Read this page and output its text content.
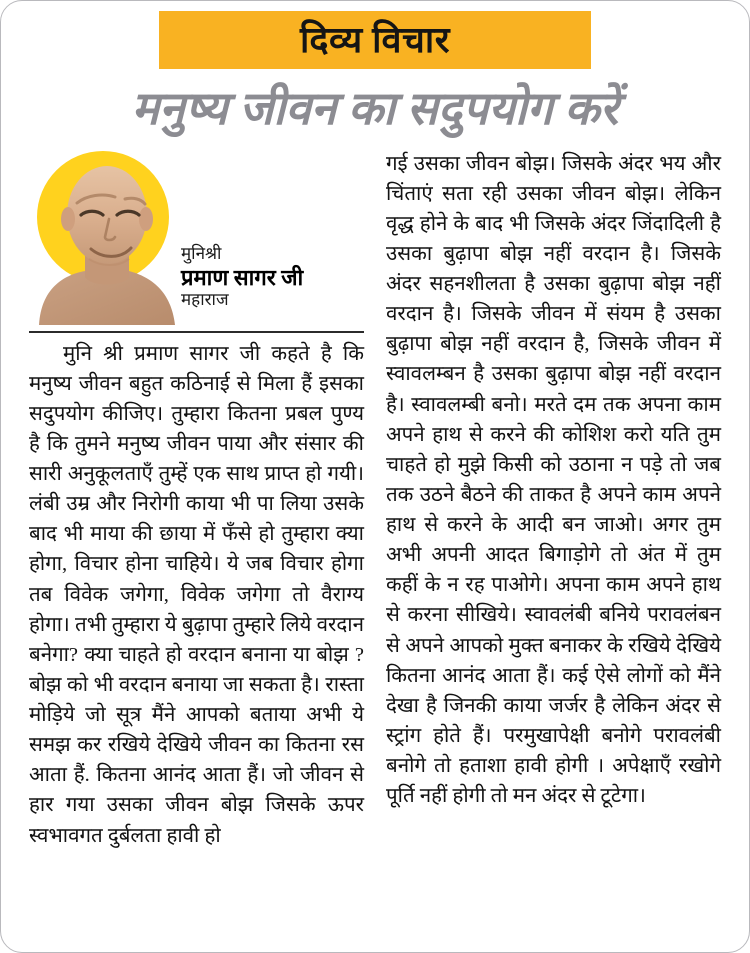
दिव्य विचार
मनुष्य जीवन का सदुपयोग करें
मुनिश्री
प्रमाण सागर जी
महाराज

मुनि श्री प्रमाण सागर जी कहते है कि मनुष्य जीवन बहुत कठिनाई से मिला हैं इसका सदुपयोग कीजिए। तुम्हारा कितना प्रबल पुण्य है कि तुमने मनुष्य जीवन पाया और संसार की सारी अनुकूलताएँ तुम्हें एक साथ प्राप्त हो गयी। लंबी उम्र और निरोगी काया भी पा लिया उसके बाद भी माया की छाया में फँसे हो तुम्हारा क्या होगा, विचार होना चाहिये। ये जब विचार होगा तब विवेक जगेगा, विवेक जगेगा तो वैराग्य होगा। तभी तुम्हारा ये बुढ़ापा तुम्हारे लिये वरदान बनेगा? क्या चाहते हो वरदान बनाना या बोझ ? बोझ को भी वरदान बनाया जा सकता है। रास्ता मोड़िये जो सूत्र मैंने आपको बताया अभी ये समझ कर रखिये देखिये जीवन का कितना रस आता हैं. कितना आनंद आता हैं। जो जीवन से हार गया उसका जीवन बोझ जिसके ऊपर स्वभावगत दुर्बलता हावी हो

गई उसका जीवन बोझ। जिसके अंदर भय और चिंताएं सता रही उसका जीवन बोझ। लेकिन वृद्ध होने के बाद भी जिसके अंदर जिंदादिली है उसका बुढ़ापा बोझ नहीं वरदान है। जिसके अंदर सहनशीलता है उसका बुढ़ापा बोझ नहीं वरदान है। जिसके जीवन में संयम है उसका बुढ़ापा बोझ नहीं वरदान है, जिसके जीवन में स्वावलम्बन है उसका बुढ़ापा बोझ नहीं वरदान है। स्वावलम्बी बनो। मरते दम तक अपना काम अपने हाथ से करने की कोशिश करो यति तुम चाहते हो मुझे किसी को उठाना न पड़े तो जब तक उठने बैठने की ताकत है अपने काम अपने हाथ से करने के आदी बन जाओ। अगर तुम अभी अपनी आदत बिगाड़ोगे तो अंत में तुम कहीं के न रह पाओगे। अपना काम अपने हाथ से करना सीखिये। स्वावलंबी बनिये परावलंबन से अपने आपको मुक्त बनाकर के रखिये देखिये कितना आनंद आता हैं। कई ऐसे लोगों को मैंने देखा है जिनकी काया जर्जर है लेकिन अंदर से स्ट्रांग होते हैं। परमुखापेक्षी बनोगे परावलंबी बनोगे तो हताशा हावी होगी । अपेक्षाएँ रखोगे पूर्ति नहीं होगी तो मन अंदर से टूटेगा।
